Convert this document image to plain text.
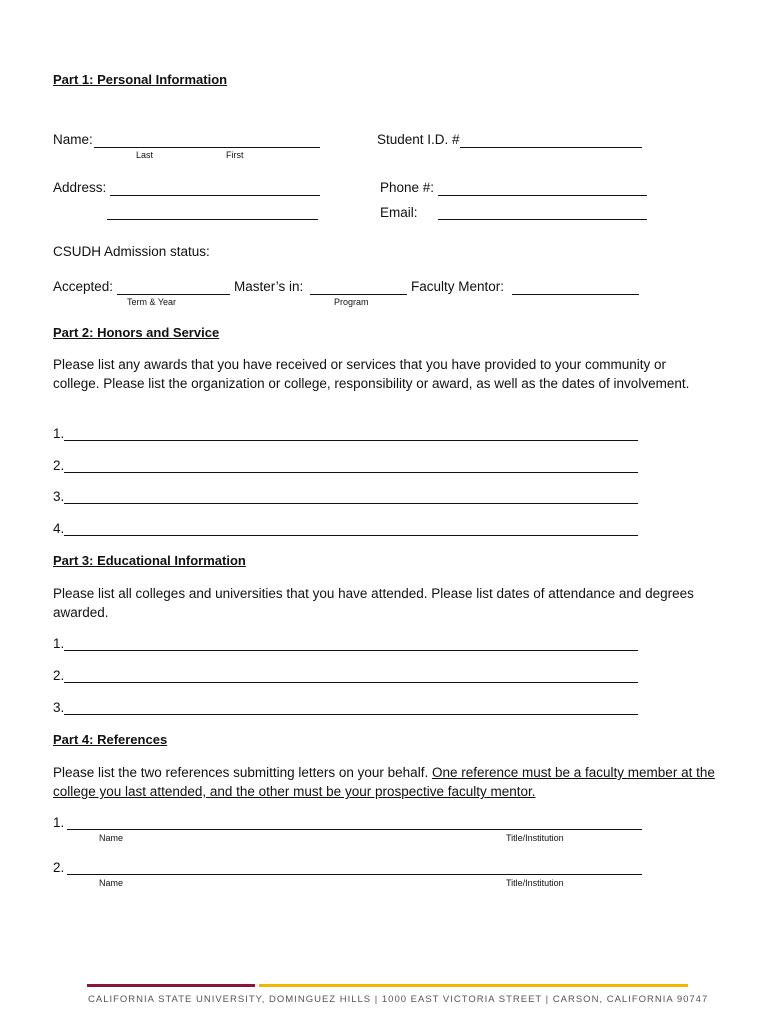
Part 1: Personal Information
Name:
Last	First
Student I.D. #
Address:	Phone #:
Email:
CSUDH Admission status:
Accepted:
Term & Year
Master’s in:
Program
Faculty Mentor:
Part 2: Honors and Service
Please list any awards that you have received or services that you have provided to your community or college. Please list the organization or college, responsibility or award, as well as the dates of involvement.
1.
2.
3.
4.
Part 3: Educational Information
Please list all colleges and universities that you have attended. Please list dates of attendance and degrees awarded.
1.
2.
3.
Part 4: References
Please list the two references submitting letters on your behalf. One reference must be a faculty member at the college you last attended, and the other must be your prospective faculty mentor.
1.
Name	Title/Institution
2.
Name	Title/Institution
CALIFORNIA STATE UNIVERSITY, DOMINGUEZ HILLS | 1000 EAST VICTORIA STREET | CARSON, CALIFORNIA 90747
